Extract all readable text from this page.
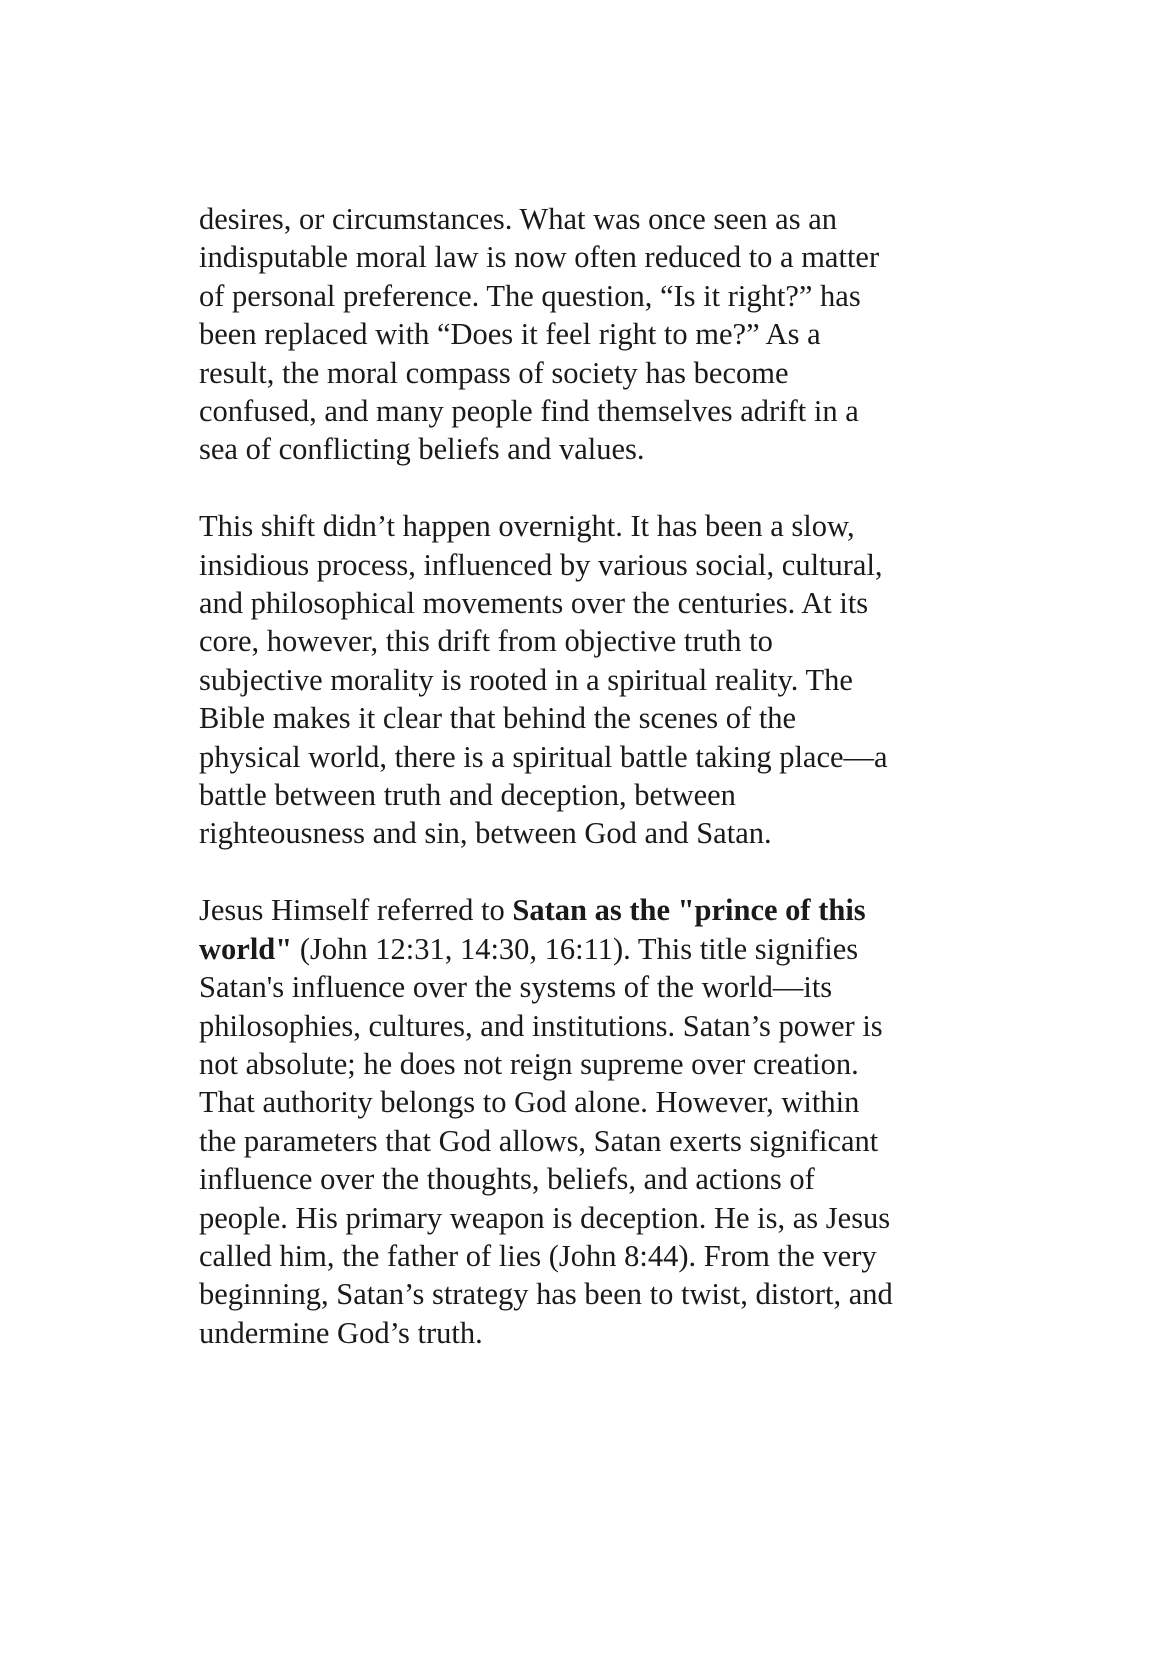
desires, or circumstances. What was once seen as an
indisputable moral law is now often reduced to a matter
of personal preference. The question, “Is it right?” has
been replaced with “Does it feel right to me?” As a
result, the moral compass of society has become
confused, and many people find themselves adrift in a
sea of conflicting beliefs and values.

This shift didn’t happen overnight. It has been a slow,
insidious process, influenced by various social, cultural,
and philosophical movements over the centuries. At its
core, however, this drift from objective truth to
subjective morality is rooted in a spiritual reality. The
Bible makes it clear that behind the scenes of the
physical world, there is a spiritual battle taking place—a
battle between truth and deception, between
righteousness and sin, between God and Satan.

Jesus Himself referred to Satan as the "prince of this
world" (John 12:31, 14:30, 16:11). This title signifies
Satan's influence over the systems of the world—its
philosophies, cultures, and institutions. Satan’s power is
not absolute; he does not reign supreme over creation.
That authority belongs to God alone. However, within
the parameters that God allows, Satan exerts significant
influence over the thoughts, beliefs, and actions of
people. His primary weapon is deception. He is, as Jesus
called him, the father of lies (John 8:44). From the very
beginning, Satan’s strategy has been to twist, distort, and
undermine God’s truth.
